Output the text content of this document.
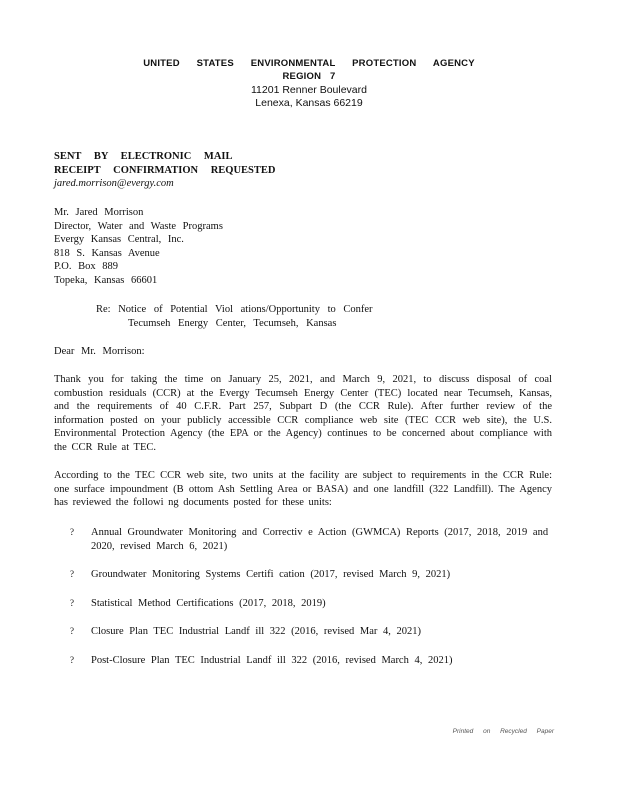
UNITED STATES ENVIRONMENTAL PROTECTION AGENCY
REGION 7
11201 Renner Boulevard
Lenexa, Kansas 66219
SENT BY ELECTRONIC MAIL
RECEIPT CONFIRMATION REQUESTED
jared.morrison@evergy.com
Mr. Jared Morrison
Director, Water and Waste Programs
Evergy Kansas Central, Inc.
818 S. Kansas Avenue
P.O. Box 889
Topeka, Kansas 66601
Re: Notice of Potential Viol ations/Opportunity to Confer
Tecumseh Energy Center, Tecumseh, Kansas
Dear Mr. Morrison:
Thank you for taking the time on January 25, 2021, and March 9, 2021, to discuss disposal of coal combustion residuals (CCR) at the Evergy Tecumseh Energy Center (TEC) located near Tecumseh, Kansas, and the requirements of 40 C.F.R. Part 257, Subpart D (the CCR Rule). After further review of the information posted on your publicly accessible CCR compliance web site (TEC CCR web site), the U.S. Environmental Protection Agency (the EPA or the Agency) continues to be concerned about compliance with the CCR Rule at TEC.
According to the TEC CCR web site, two units at the facility are subject to requirements in the CCR Rule: one surface impoundment (B ottom Ash Settling Area or BASA) and one landfill (322 Landfill). The Agency has reviewed the followi ng documents posted for these units:
? Annual Groundwater Monitoring and Correctiv e Action (GWMCA) Reports (2017, 2018, 2019 and 2020, revised March 6, 2021)
? Groundwater Monitoring Systems Certifi cation (2017, revised March 9, 2021)
? Statistical Method Certifications (2017, 2018, 2019)
? Closure Plan TEC Industrial Landf ill 322 (2016, revised Mar 4, 2021)
? Post-Closure Plan TEC Industrial Landf ill 322 (2016, revised March 4, 2021)
Printed on Recycled Paper
